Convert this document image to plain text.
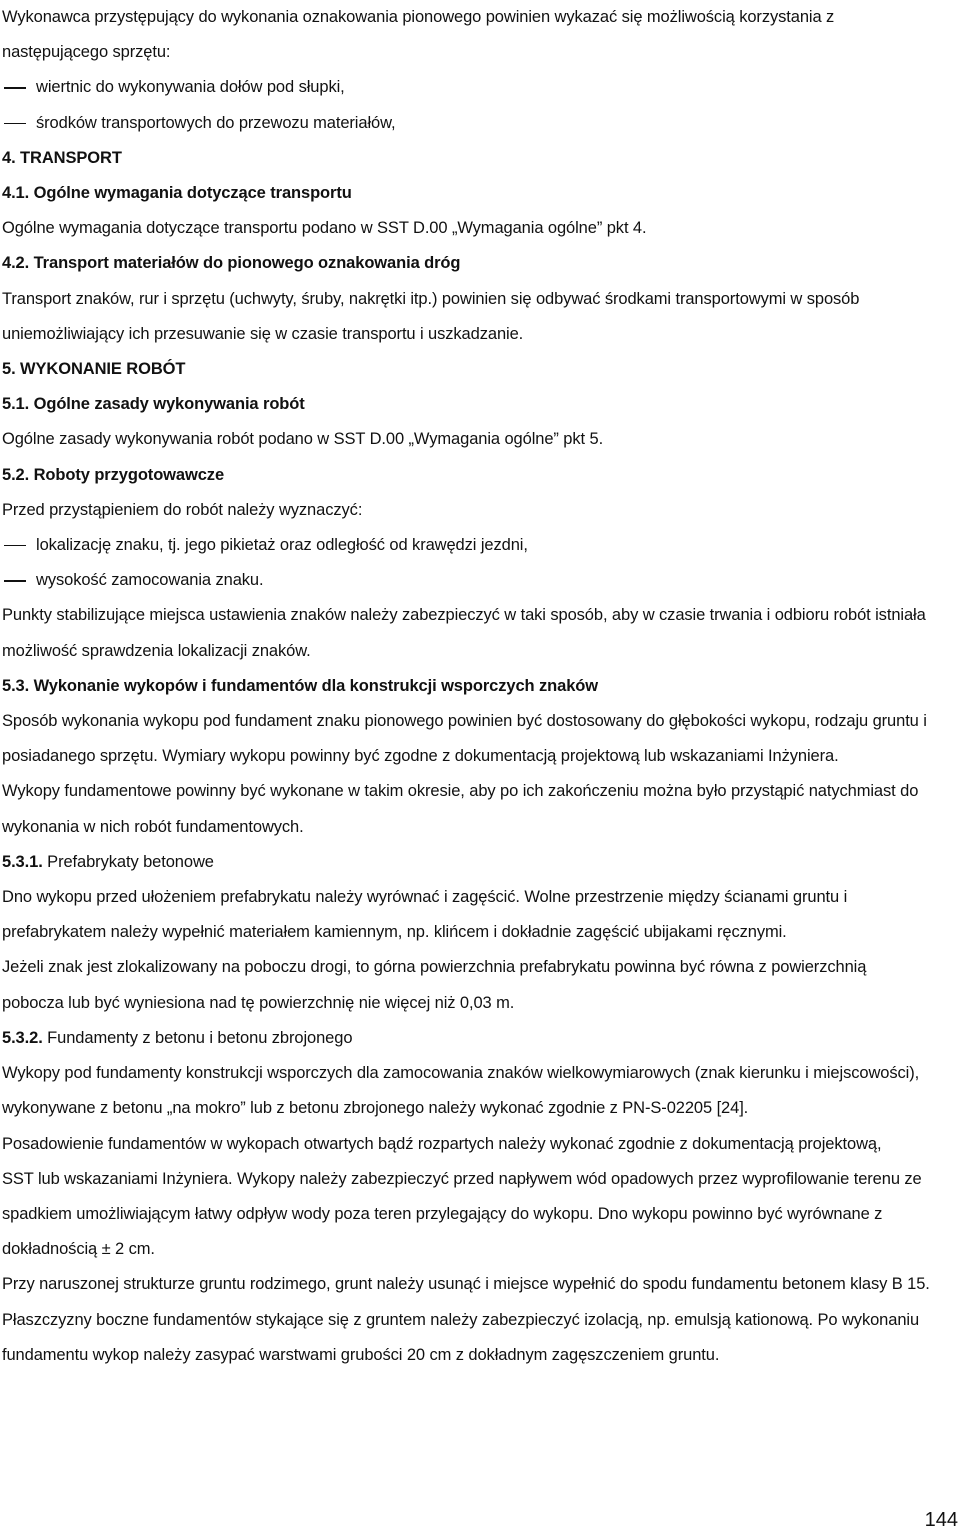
Wykonawca przystępujący do wykonania oznakowania pionowego powinien wykazać się możliwością korzystania z
następującego sprzętu:
wiertnic do wykonywania dołów pod słupki,
środków transportowych do przewozu materiałów,
4. TRANSPORT
4.1. Ogólne wymagania dotyczące transportu
Ogólne wymagania dotyczące transportu podano w SST D.00 „Wymagania ogólne” pkt 4.
4.2. Transport materiałów do pionowego oznakowania dróg
Transport znaków, rur i sprzętu (uchwyty, śruby, nakrętki itp.) powinien się odbywać środkami transportowymi w sposób
uniemożliwiający ich przesuwanie się w czasie transportu i uszkadzanie.
5. WYKONANIE ROBÓT
5.1. Ogólne zasady wykonywania robót
Ogólne zasady wykonywania robót podano w SST D.00 „Wymagania ogólne” pkt 5.
5.2. Roboty przygotowawcze
Przed przystąpieniem do robót należy wyznaczyć:
lokalizację znaku, tj. jego pikietaż oraz odległość od krawędzi jezdni,
wysokość zamocowania znaku.
Punkty stabilizujące miejsca ustawienia znaków należy zabezpieczyć w taki sposób, aby w czasie trwania i odbioru robót istniała
możliwość sprawdzenia lokalizacji znaków.
5.3. Wykonanie wykopów i fundamentów dla konstrukcji wsporczych znaków
Sposób wykonania wykopu pod fundament znaku pionowego powinien być dostosowany do głębokości wykopu, rodzaju gruntu i
posiadanego sprzętu. Wymiary wykopu powinny być zgodne z dokumentacją projektową lub wskazaniami Inżyniera.
Wykopy fundamentowe powinny być wykonane w takim okresie, aby po ich zakończeniu można było przystąpić natychmiast do
wykonania w nich robót fundamentowych.
5.3.1. Prefabrykaty betonowe
Dno wykopu przed ułożeniem prefabrykatu należy wyrównać i zagęścić. Wolne przestrzenie między ścianami gruntu i
prefabrykatem należy wypełnić materiałem kamiennym, np. klińcem i dokładnie zagęścić ubijakami ręcznymi.
Jeżeli znak jest zlokalizowany na poboczu drogi, to górna powierzchnia prefabrykatu powinna być równa z powierzchnią
pobocza lub być wyniesiona nad tę powierzchnię nie więcej niż 0,03 m.
5.3.2. Fundamenty z betonu i betonu zbrojonego
Wykopy pod fundamenty konstrukcji wsporczych dla zamocowania znaków wielkowymiarowych (znak kierunku i miejscowości),
wykonywane z betonu „na mokro” lub z betonu zbrojonego należy wykonać zgodnie z PN-S-02205 [24].
Posadowienie fundamentów w wykopach otwartych bądź rozpartych należy wykonać zgodnie z dokumentacją projektową,
SST lub wskazaniami Inżyniera. Wykopy należy zabezpieczyć przed napływem wód opadowych przez wyprofilowanie terenu ze
spadkiem umożliwiającym łatwy odpływ wody poza teren przylegający do wykopu. Dno wykopu powinno być wyrównane z
dokładnością ± 2 cm.
Przy naruszonej strukturze gruntu rodzimego, grunt należy usunąć i miejsce wypełnić do spodu fundamentu betonem klasy B 15.
Płaszczyzny boczne fundamentów stykające się z gruntem należy zabezpieczyć izolacją, np. emulsją kationową. Po wykonaniu
fundamentu wykop należy zasypać warstwami grubości 20 cm z dokładnym zagęszczeniem gruntu.
144
